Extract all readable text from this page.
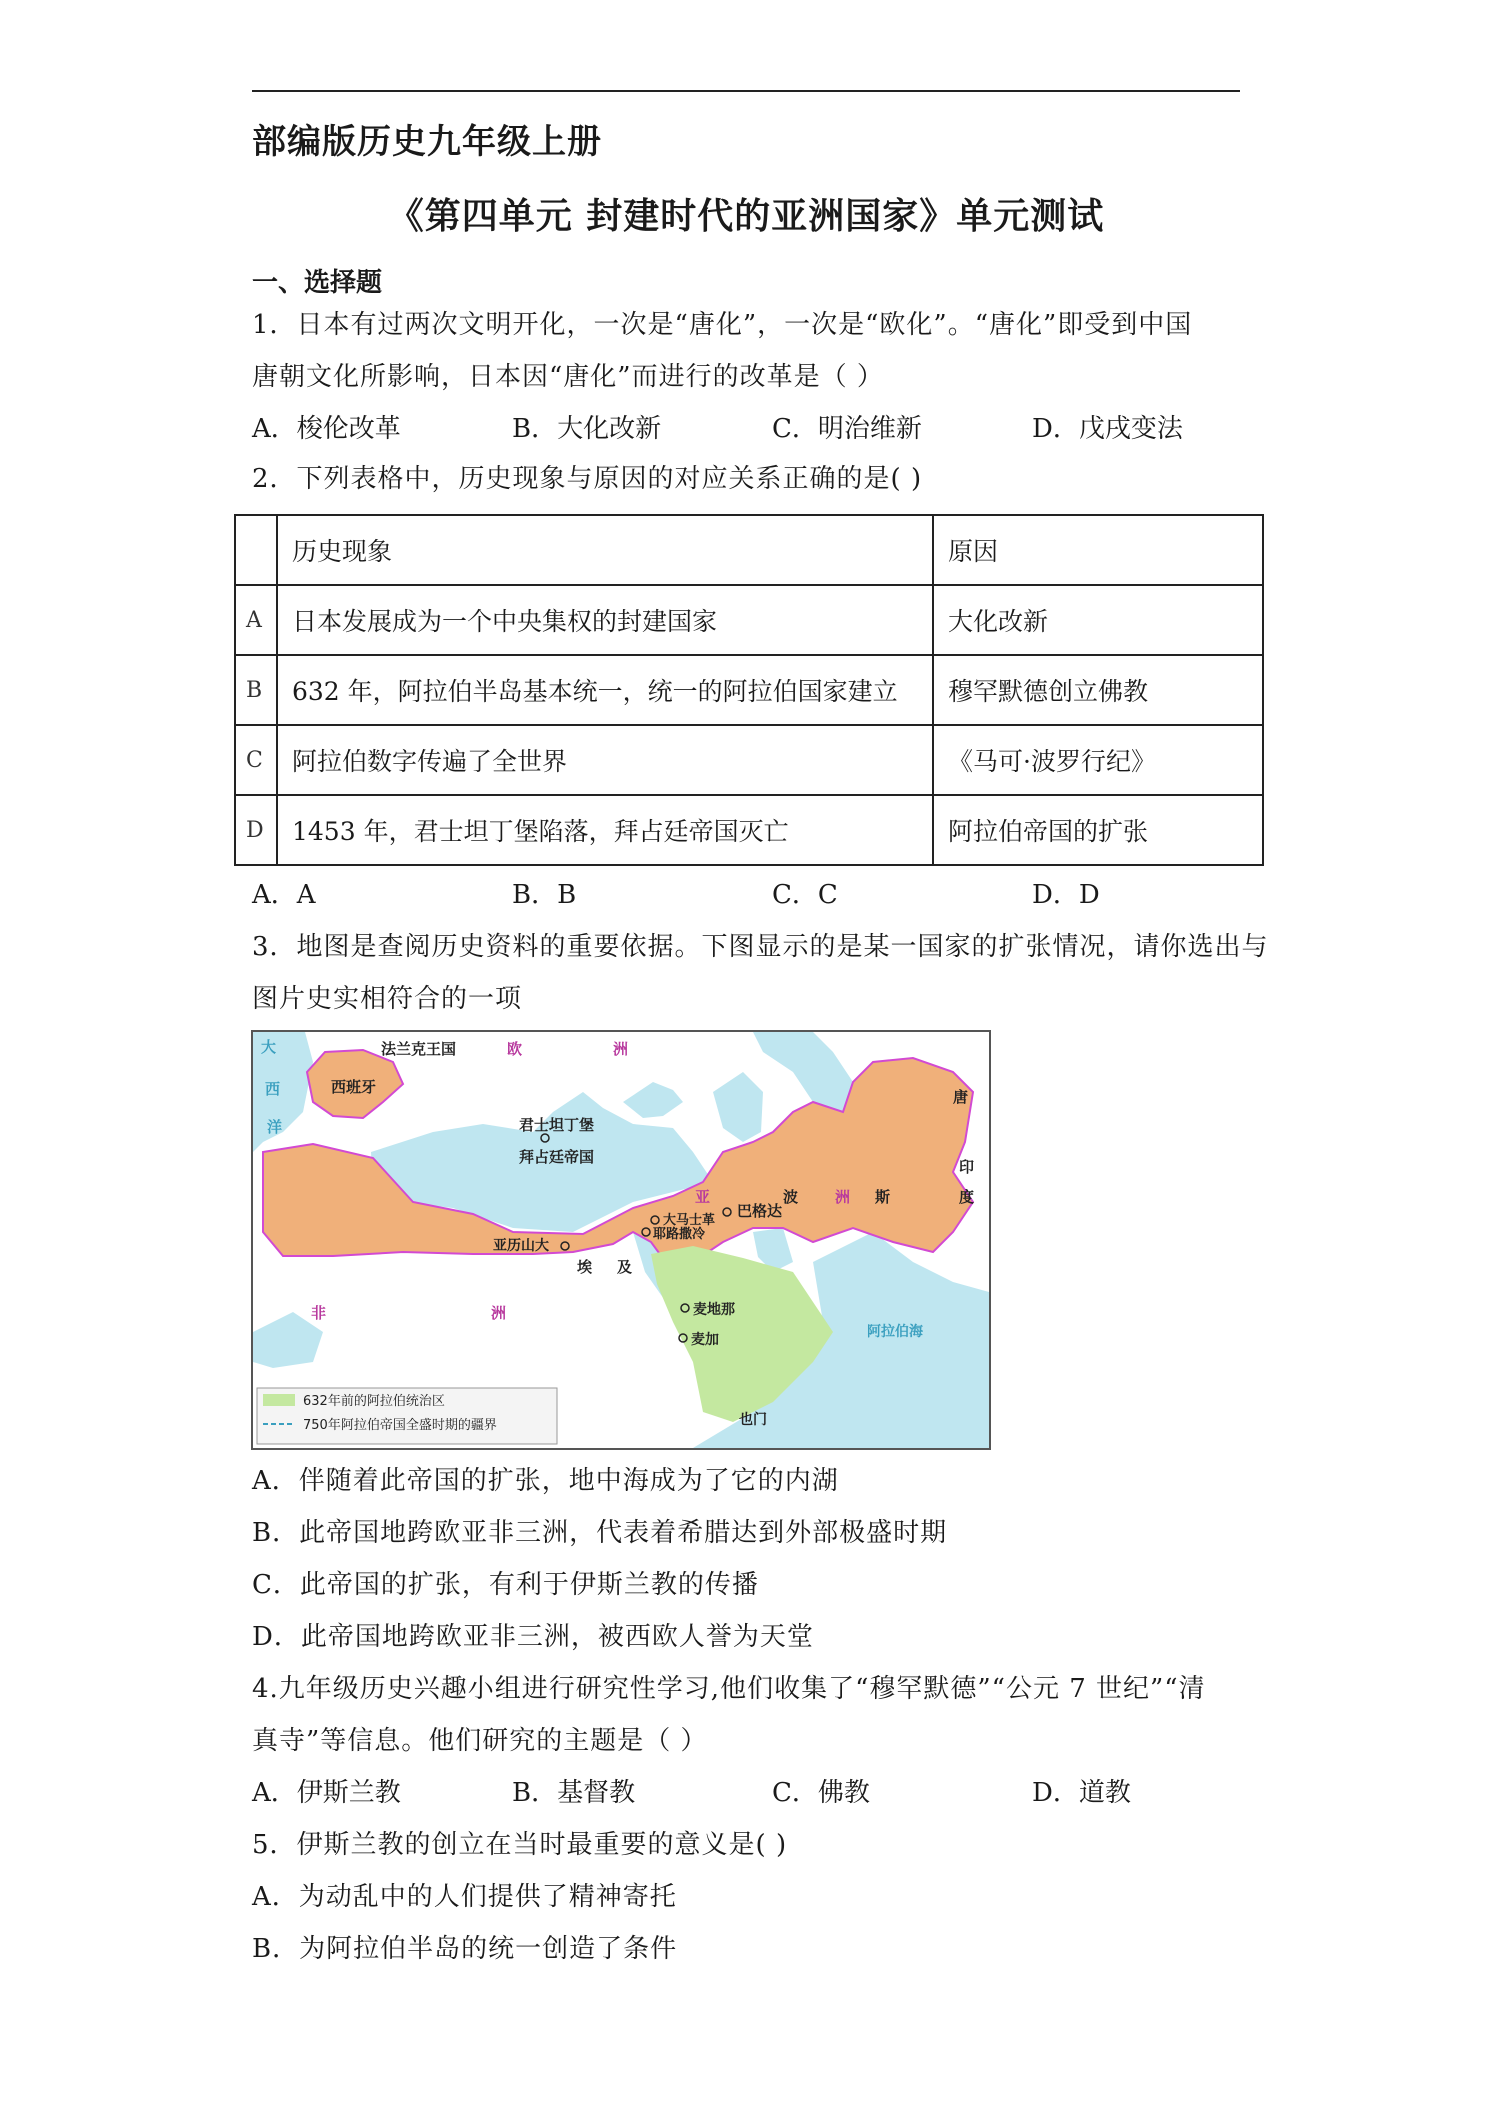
部编版历史九年级上册
《第四单元 封建时代的亚洲国家》单元测试
一、选择题
1．日本有过两次文明开化，一次是“唐化”，一次是“欧化”。“唐化”即受到中国
唐朝文化所影响，日本因“唐化”而进行的改革是（ ）
A．梭伦改革	B．大化改新	C．明治维新	D．戊戌变法
2．下列表格中，历史现象与原因的对应关系正确的是( )
	历史现象	原因
A	日本发展成为一个中央集权的封建国家	大化改新
B	632 年，阿拉伯半岛基本统一，统一的阿拉伯国家建立	穆罕默德创立佛教
C	阿拉伯数字传遍了全世界	《马可·波罗行纪》
D	1453 年，君士坦丁堡陷落，拜占廷帝国灭亡	阿拉伯帝国的扩张
A．A	B．B	C．C	D．D
3．地图是查阅历史资料的重要依据。下图显示的是某一国家的扩张情况，请你选出与
图片史实相符合的一项
法兰克王国	欧	洲
西班牙
大
西
洋	君士坦丁堡
拜占廷帝国
亚	洲
波	斯
巴格达
大马士革
耶路撒冷
亚历山大
埃 及
麦地那
麦加
也门
非	洲
唐
印
度
阿拉伯海
632年前的阿拉伯统治区
750年阿拉伯帝国全盛时期的疆界
A．伴随着此帝国的扩张，地中海成为了它的内湖
B．此帝国地跨欧亚非三洲，代表着希腊达到外部极盛时期
C．此帝国的扩张，有利于伊斯兰教的传播
D．此帝国地跨欧亚非三洲，被西欧人誉为天堂
4.九年级历史兴趣小组进行研究性学习,他们收集了“穆罕默德”“公元 7 世纪”“清
真寺”等信息。他们研究的主题是（ ）
A．伊斯兰教	B．基督教	C．佛教	D．道教
5．伊斯兰教的创立在当时最重要的意义是( )
A．为动乱中的人们提供了精神寄托
B．为阿拉伯半岛的统一创造了条件
